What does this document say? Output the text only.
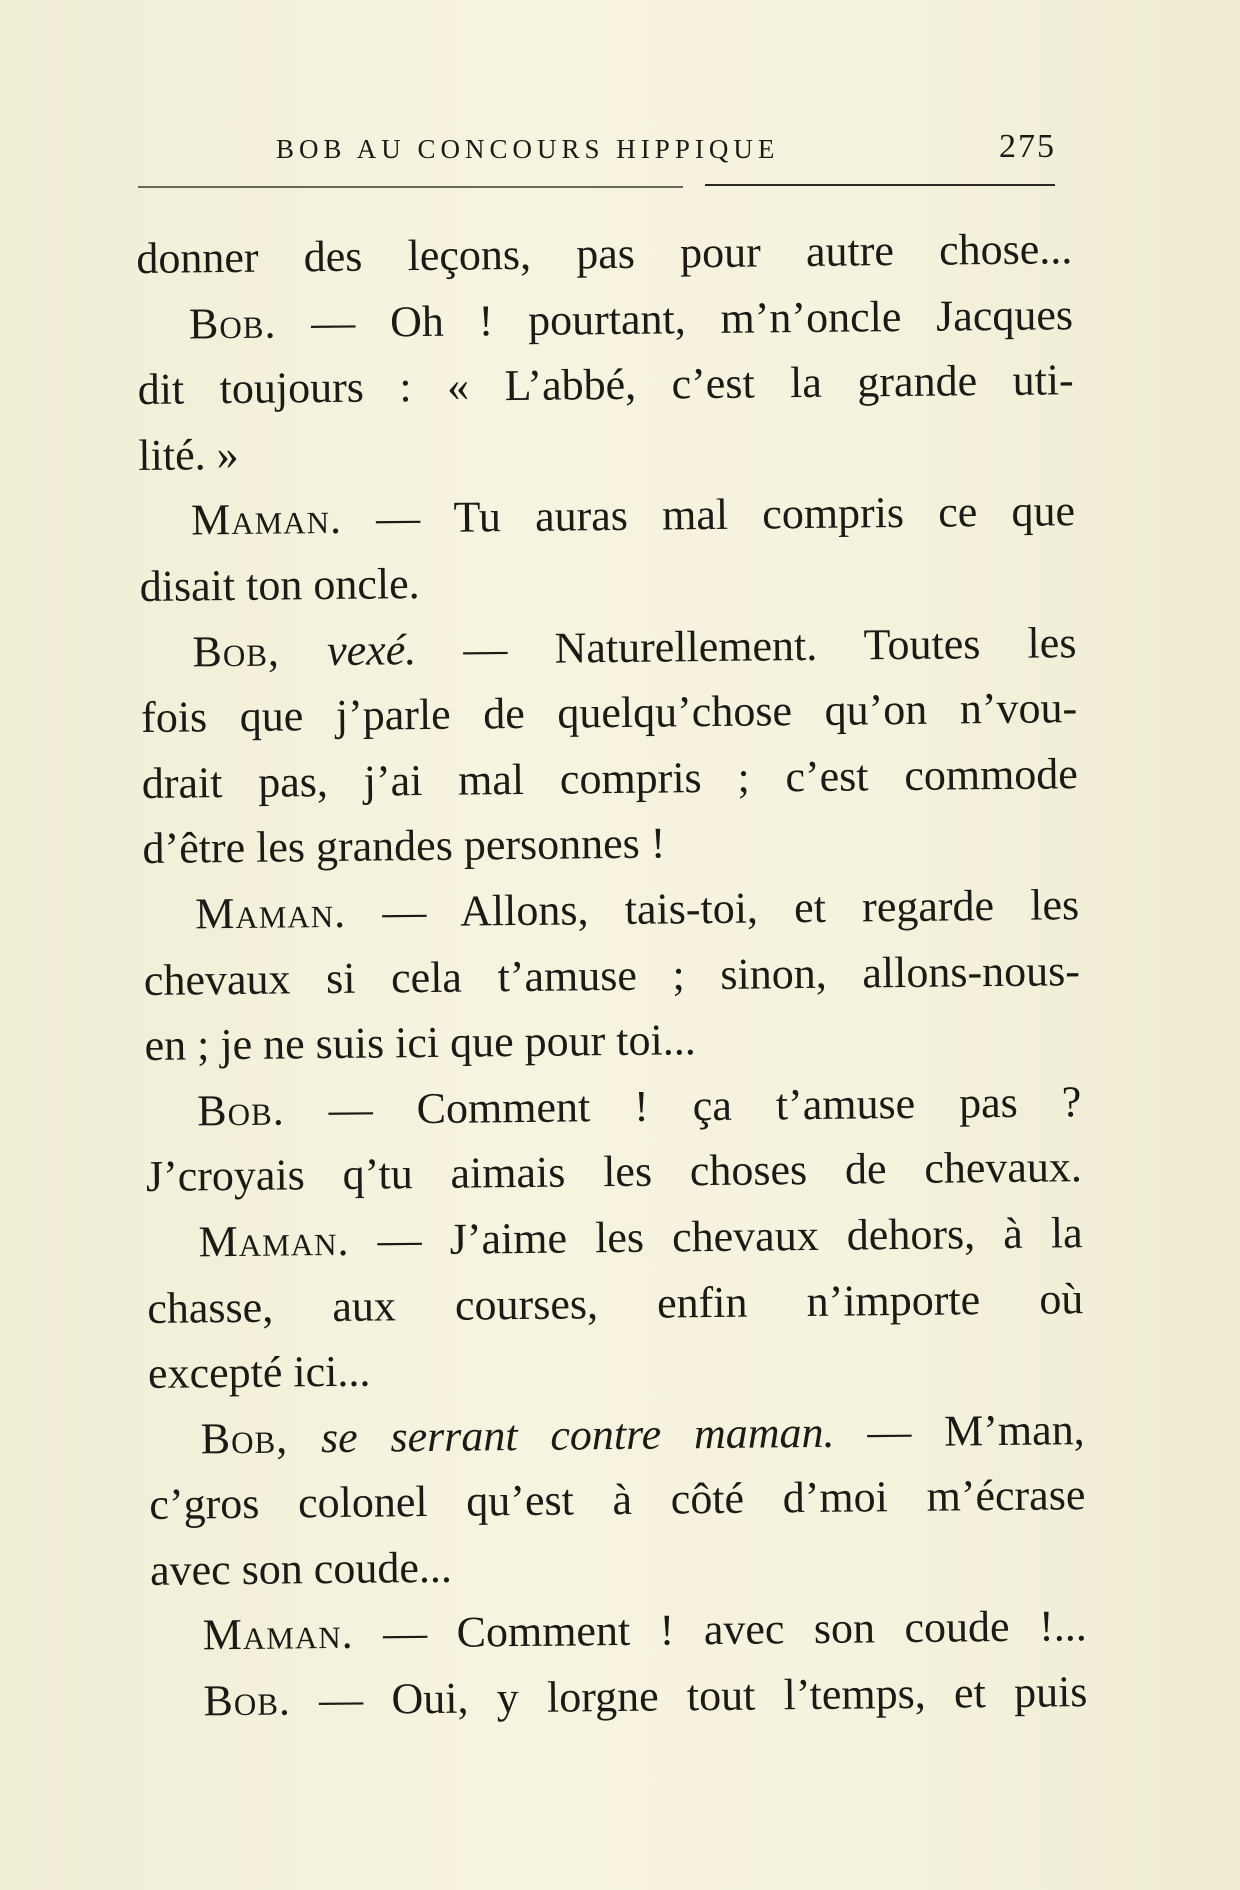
BOB AU CONCOURS HIPPIQUE	275
donner des leçons, pas pour autre chose...
Bob. — Oh ! pourtant, m’n’oncle Jacques
dit toujours : « L’abbé, c’est la grande uti-
lité. »
Maman. — Tu auras mal compris ce que
disait ton oncle.
Bob, vexé. — Naturellement. Toutes les
fois que j’parle de quelqu’chose qu’on n’vou-
drait pas, j’ai mal compris ; c’est commode
d’être les grandes personnes !
Maman. — Allons, tais-toi, et regarde les
chevaux si cela t’amuse ; sinon, allons-nous-
en ; je ne suis ici que pour toi...
Bob. — Comment ! ça t’amuse pas ?
J’croyais q’tu aimais les choses de chevaux.
Maman. — J’aime les chevaux dehors, à la
chasse, aux courses, enfin n’importe où
excepté ici...
Bob, se serrant contre maman. — M’man,
c’gros colonel qu’est à côté d’moi m’écrase
avec son coude...
Maman. — Comment ! avec son coude !...
Bob. — Oui, y lorgne tout l’temps, et puis
